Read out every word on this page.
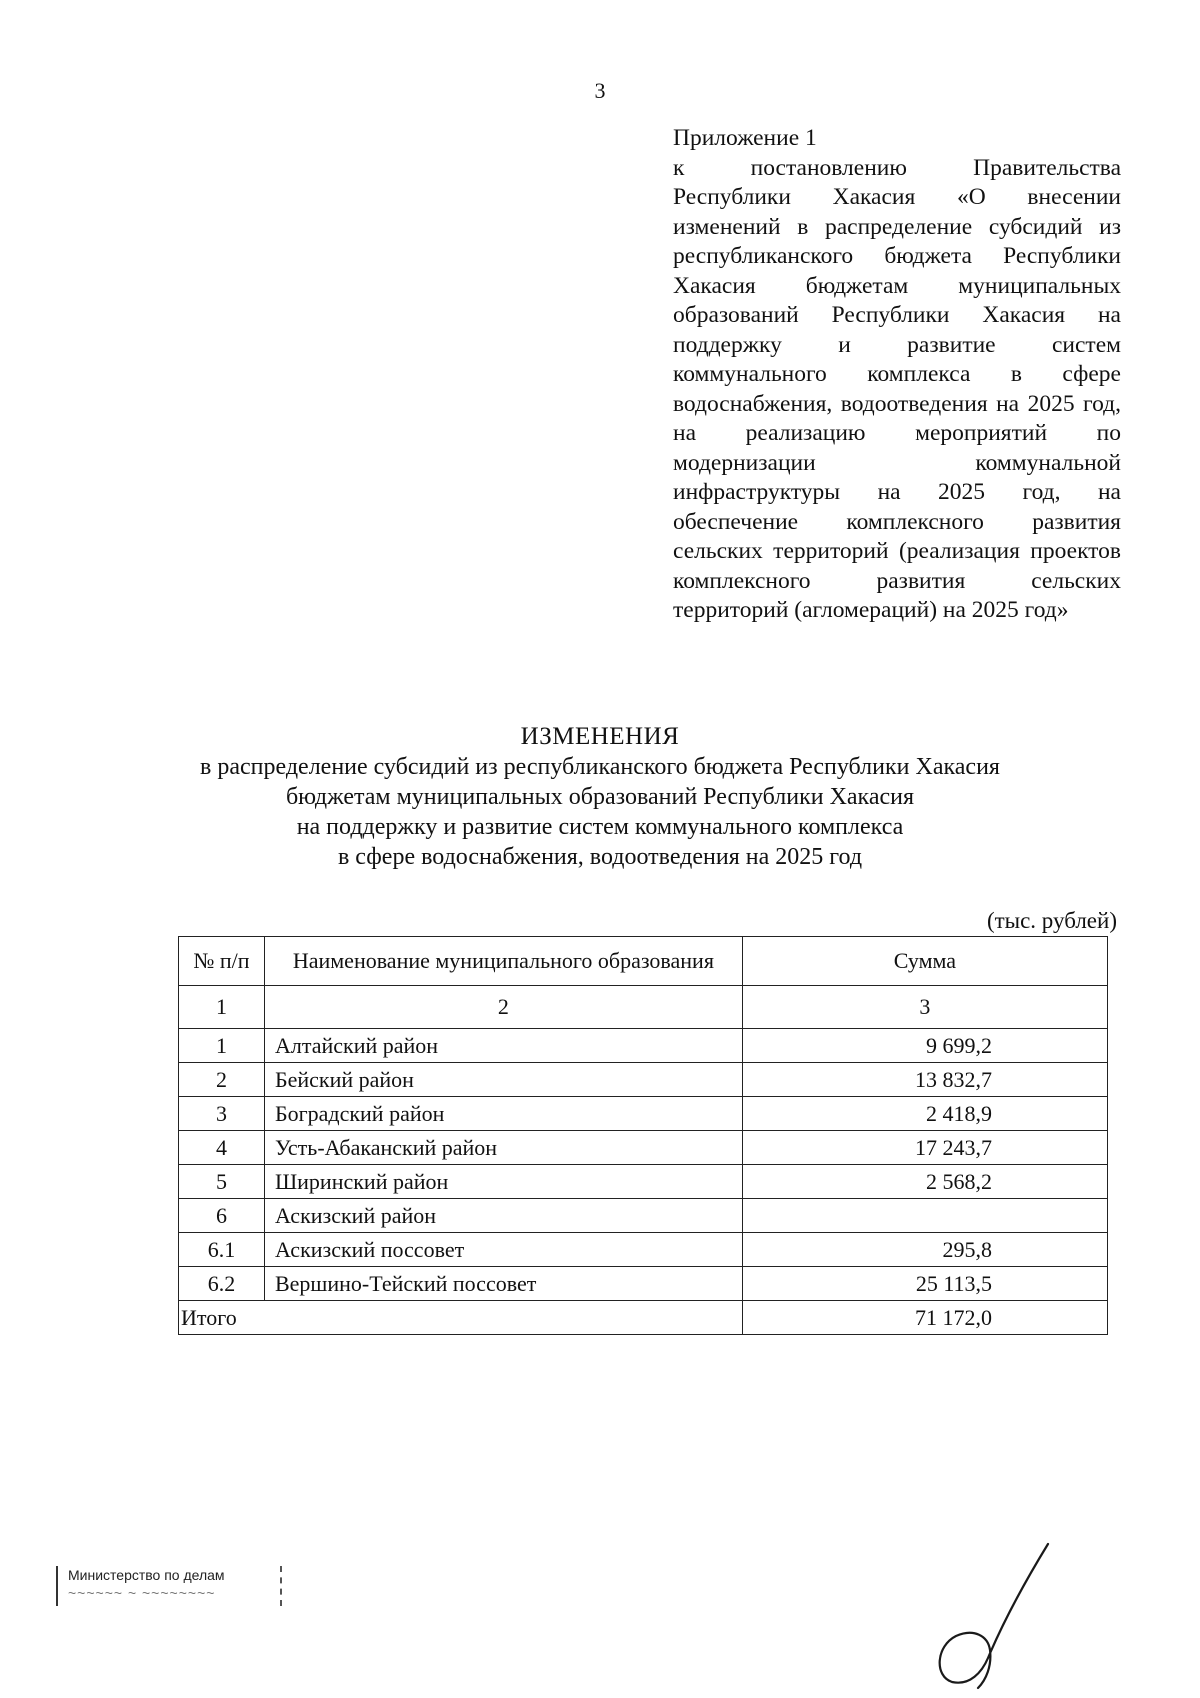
3
Приложение 1
к постановлению Правительства Республики Хакасия «О внесении изменений в распределение субсидий из республиканского бюджета Республики Хакасия бюджетам муниципальных образований Республики Хакасия на поддержку и развитие систем коммунального комплекса в сфере водоснабжения, водоотведения на 2025 год, на реализацию мероприятий по модернизации коммунальной инфраструктуры на 2025 год, на обеспечение комплексного развития сельских территорий (реализация проектов комплексного развития сельских территорий (агломераций) на 2025 год»
ИЗМЕНЕНИЯ
в распределение субсидий из республиканского бюджета Республики Хакасия
бюджетам муниципальных образований Республики Хакасия
на поддержку и развитие систем коммунального комплекса
в сфере водоснабжения, водоотведения на 2025 год
(тыс. рублей)
№ п/п	Наименование муниципального образования	Сумма
1	2	3
1	Алтайский район	9 699,2
2	Бейский район	13 832,7
3	Боградский район	2 418,9
4	Усть-Абаканский район	17 243,7
5	Ширинский район	2 568,2
6	Аскизский район	
6.1	Аскизский поссовет	295,8
6.2	Вершино-Тейский поссовет	25 113,5
Итого		71 172,0
Министерство по делам
~~~~~~ ~ ~~~~~~~~
